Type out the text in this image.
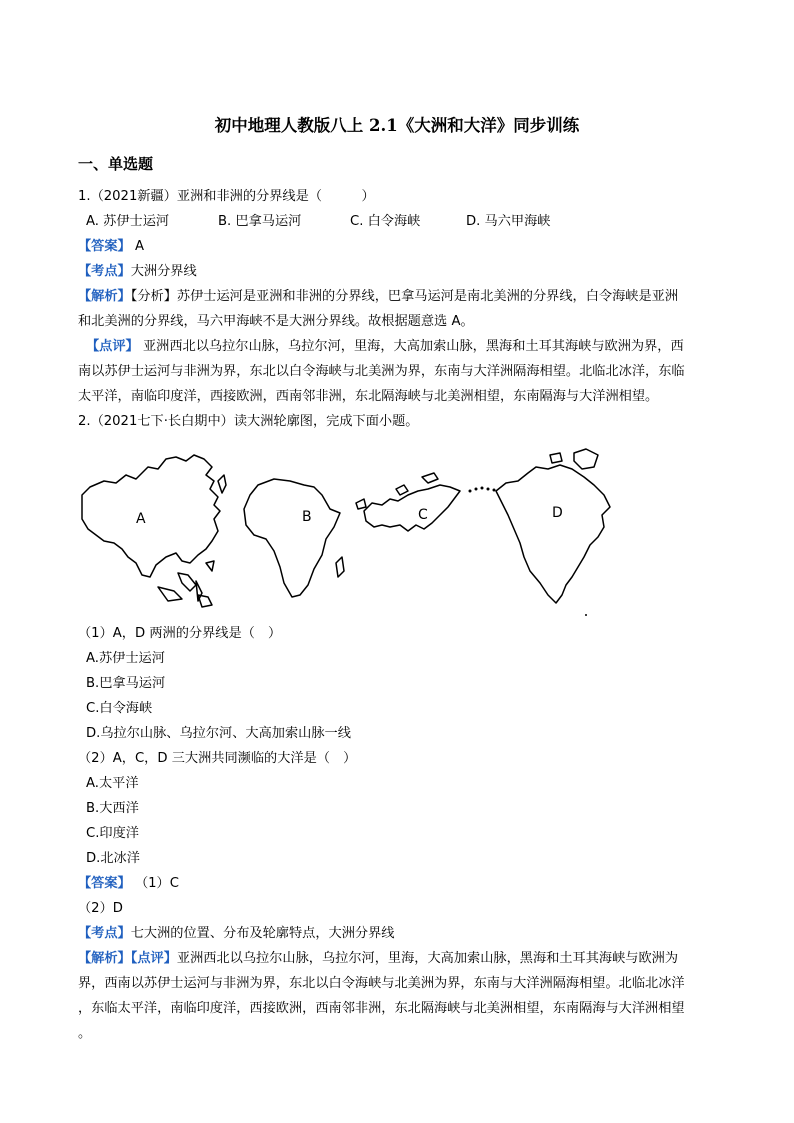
初中地理人教版八上 2.1《大洲和大洋》同步训练
一、单选题
1.（2021新疆）亚洲和非洲的分界线是（　　　）
A. 苏伊士运河	B. 巴拿马运河	C. 白令海峡	D. 马六甲海峡
【答案】 A
【考点】大洲分界线
【解析】【分析】苏伊士运河是亚洲和非洲的分界线，巴拿马运河是南北美洲的分界线，白令海峡是亚洲
和北美洲的分界线，马六甲海峡不是大洲分界线。故根据题意选 A。
【点评】 亚洲西北以乌拉尔山脉，乌拉尔河，里海，大高加索山脉，黑海和土耳其海峡与欧洲为界，西
南以苏伊士运河与非洲为界，东北以白令海峡与北美洲为界，东南与大洋洲隔海相望。北临北冰洋，东临
太平洋，南临印度洋，西接欧洲，西南邻非洲，东北隔海峡与北美洲相望，东南隔海与大洋洲相望。
2.（2021七下·长白期中）读大洲轮廓图，完成下面小题。
A	B	C	D
（1）A，D 两洲的分界线是（　）
A.苏伊士运河
B.巴拿马运河
C.白令海峡
D.乌拉尔山脉、乌拉尔河、大高加索山脉一线
（2）A，C，D 三大洲共同濒临的大洋是（　）
A.太平洋
B.大西洋
C.印度洋
D.北冰洋
【答案】 （1）C
（2）D
【考点】七大洲的位置、分布及轮廓特点，大洲分界线
【解析】【点评】亚洲西北以乌拉尔山脉，乌拉尔河，里海，大高加索山脉，黑海和土耳其海峡与欧洲为
界，西南以苏伊士运河与非洲为界，东北以白令海峡与北美洲为界，东南与大洋洲隔海相望。北临北冰洋
，东临太平洋，南临印度洋，西接欧洲，西南邻非洲，东北隔海峡与北美洲相望，东南隔海与大洋洲相望
。
